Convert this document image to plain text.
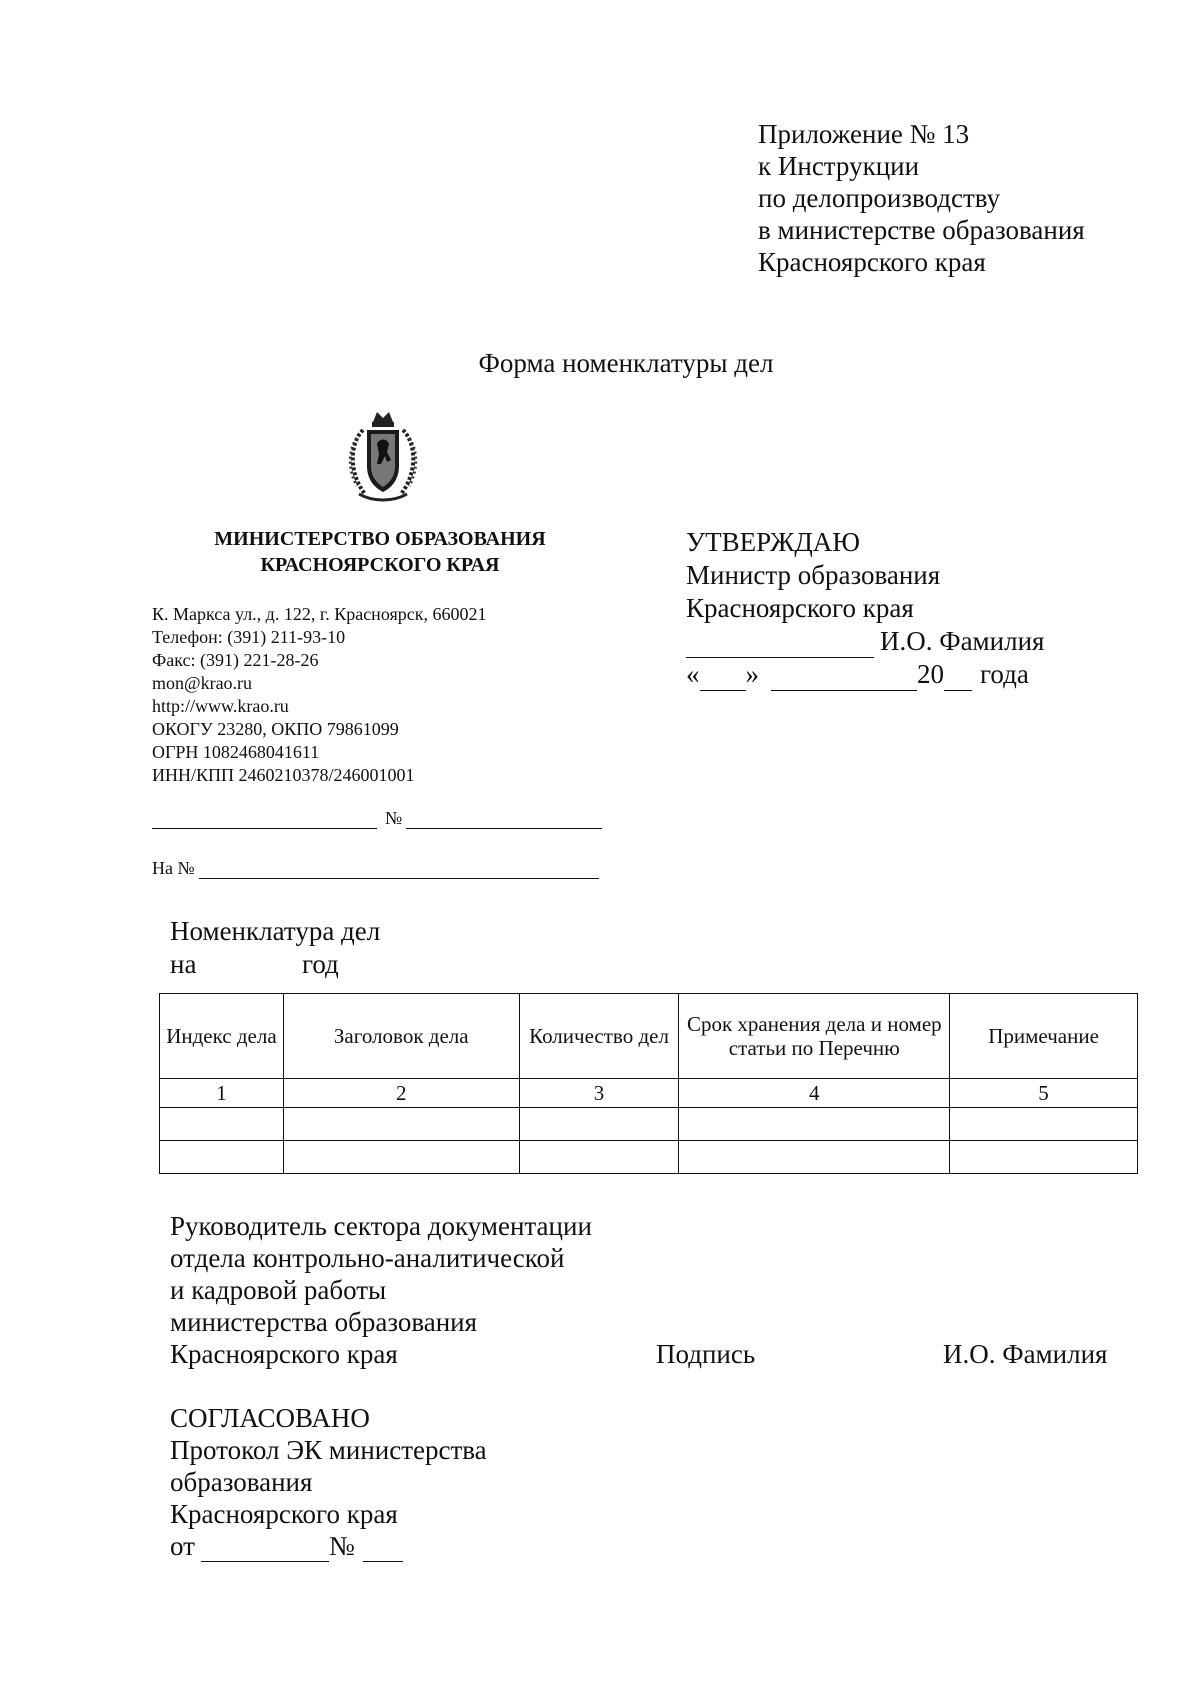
Приложение № 13
к Инструкции
по делопроизводству
в министерстве образования
Красноярского края
Форма номенклатуры дел
МИНИСТЕРСТВО ОБРАЗОВАНИЯ
КРАСНОЯРСКОГО КРАЯ
К. Маркса ул., д. 122, г. Красноярск, 660021
Телефон: (391) 211-93-10
Факс: (391) 221-28-26
mon@krao.ru
http://www.krao.ru
ОКОГУ 23280, ОКПО 79861099
ОГРН 1082468041611
ИНН/КПП 2460210378/246001001
№
На №
УТВЕРЖДАЮ
Министр образования
Красноярского края
И.О. Фамилия
« »	20 года
Номенклатура дел
на	год
Индекс дела	Заголовок дела	Количество дел	Срок хранения дела и номер статьи по Перечню	Примечание
1	2	3	4	5

Руководитель сектора документации
отдела контрольно-аналитической
и кадровой работы
министерства образования
Красноярского края	Подпись	И.О. Фамилия
СОГЛАСОВАНО
Протокол ЭК министерства
образования
Красноярского края
от	№
